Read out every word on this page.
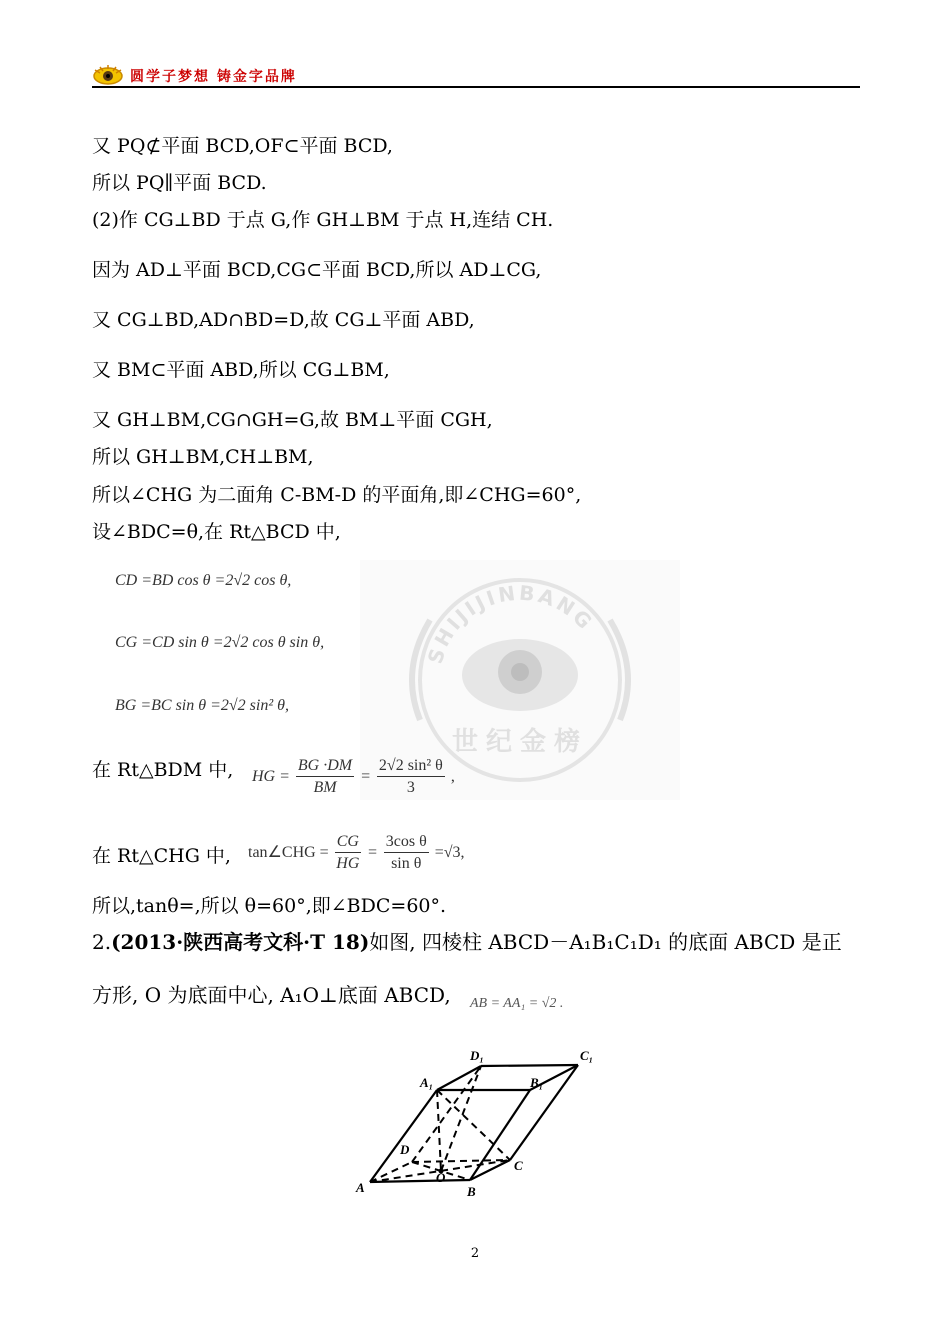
圆学子梦想 铸金字品牌
SHIJIJINBANG
世纪金榜
又 PQ⊄平面 BCD,OF⊂平面 BCD,
所以 PQ∥平面 BCD.
(2)作 CG⊥BD 于点 G,作 GH⊥BM 于点 H,连结 CH.
因为 AD⊥平面 BCD,CG⊂平面 BCD,所以 AD⊥CG,
又 CG⊥BD,AD∩BD=D,故 CG⊥平面 ABD,
又 BM⊂平面 ABD,所以 CG⊥BM,
又 GH⊥BM,CG∩GH=G,故 BM⊥平面 CGH,
所以 GH⊥BM,CH⊥BM,
所以∠CHG 为二面角 C-BM-D 的平面角,即∠CHG=60°,
设∠BDC=θ,在 Rt△BCD 中,
CD =BD cos θ =2√2 cos θ,
CG =CD sin θ =2√2 cos θ sin θ,
BG =BC sin θ =2√2 sin² θ,
在 Rt△BDM 中, HG = $\frac{BG \cdot DM}{BM} = \frac{\text{2√2 sin² θ}}{3}$ ,
在 Rt△CHG 中, tan∠CHG = $\frac{CG}{HG} = \frac{\text{3cos θ}}{\text{sin θ}} =√3$,
所以,tanθ=,所以 θ=60°,即∠BDC=60°.
2.(2013·陕西高考文科·T 18)如图, 四棱柱 ABCD－A₁B₁C₁D₁ 的底面 ABCD 是正
方形, O 为底面中心, A₁O⊥底面 ABCD, AB = AA₁ = √2 .
D₁	C₁
A₁	B₁
D
C
O
A	B
2
